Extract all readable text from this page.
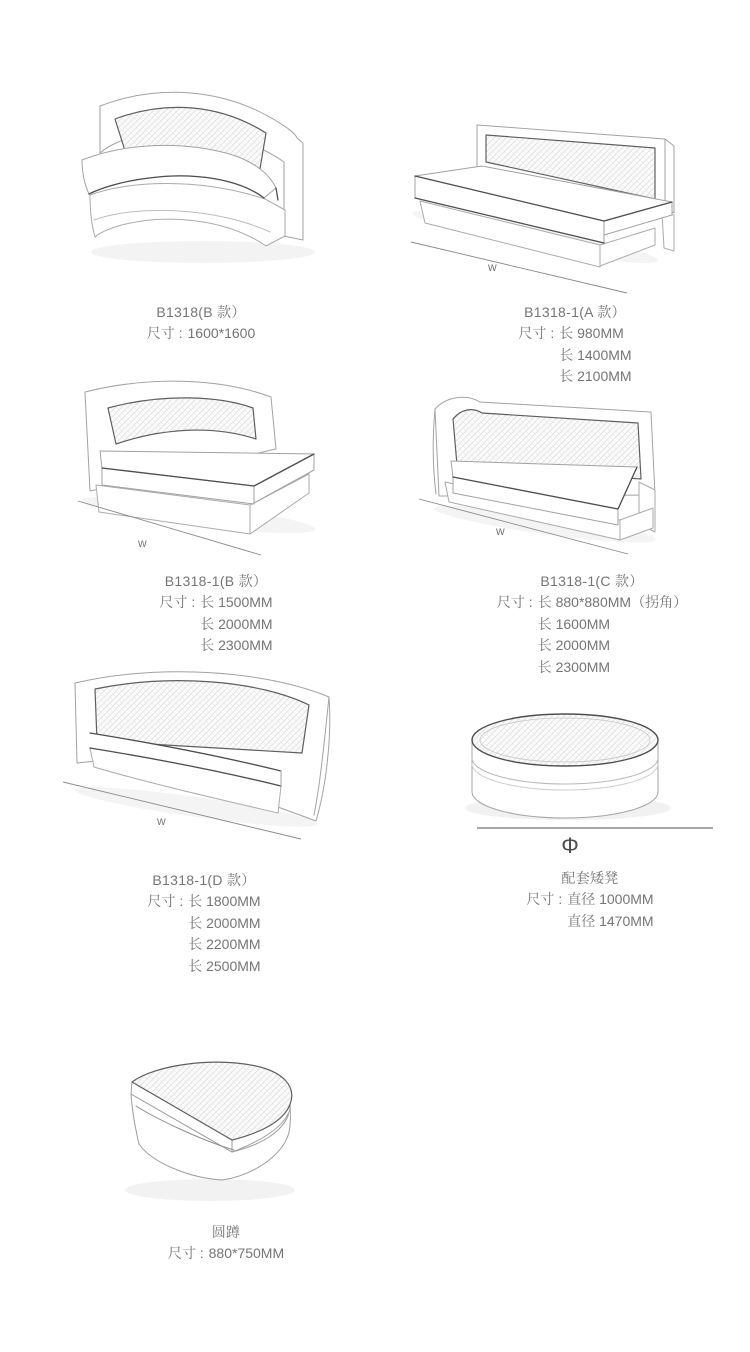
B1318(B 款）
尺寸 :	1600*1600
w
B1318-1(A 款）
尺寸 :	长 980MM
	长 1400MM
	长 2100MM
w
B1318-1(B 款）
尺寸 :	长 1500MM
	长 2000MM
	长 2300MM
w
B1318-1(C 款）
尺寸 :	长 880*880MM（拐角）
	长 1600MM
	长 2000MM
	长 2300MM
w
B1318-1(D 款）
尺寸 :	长 1800MM
	长 2000MM
	长 2200MM
	长 2500MM
Φ
配套矮凳
尺寸 :	直径 1000MM
	直径 1470MM
圆蹲
尺寸 :	880*750MM
